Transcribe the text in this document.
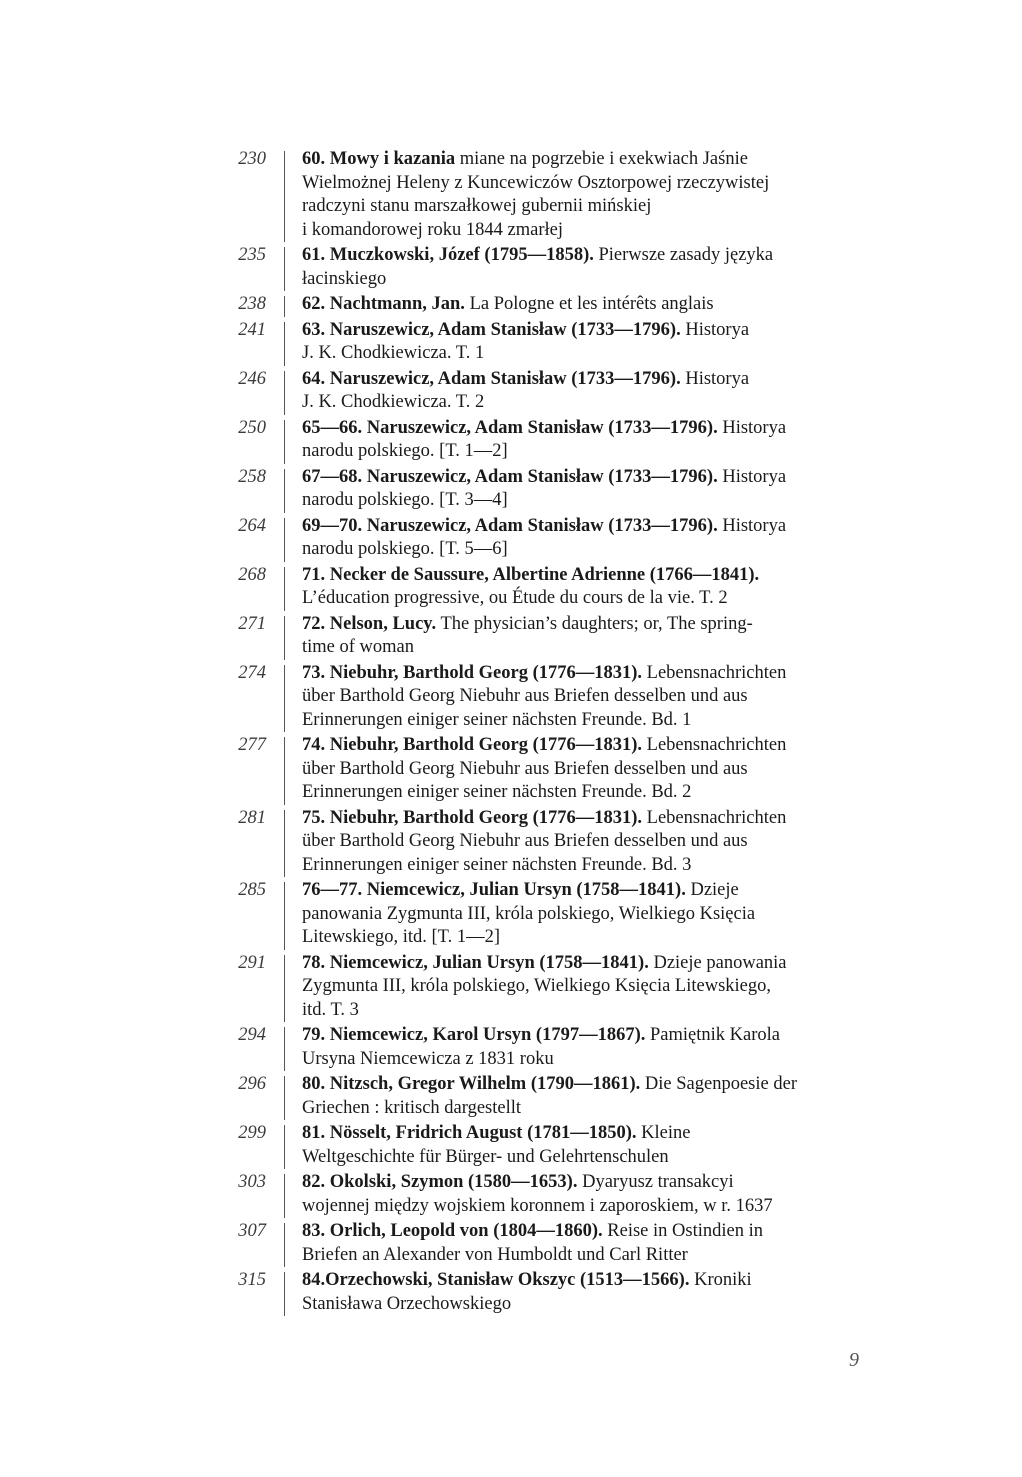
230 60. Mowy i kazania miane na pogrzebie i exekwiach Jaśnie
Wielmożnej Heleny z Kuncewiczów Osztorpowej rzeczywistej
radczyni stanu marszałkowej gubernii mińskiej
i komandorowej roku 1844 zmarłej
235 61. Muczkowski, Józef (1795—1858). Pierwsze zasady języka
łacinskiego
238 62. Nachtmann, Jan. La Pologne et les intérêts anglais
241 63. Naruszewicz, Adam Stanisław (1733—1796). Historya
J. K. Chodkiewicza. T. 1
246 64. Naruszewicz, Adam Stanisław (1733—1796). Historya
J. K. Chodkiewicza. T. 2
250 65—66. Naruszewicz, Adam Stanisław (1733—1796). Historya
narodu polskiego. [T. 1—2]
258 67—68. Naruszewicz, Adam Stanisław (1733—1796). Historya
narodu polskiego. [T. 3—4]
264 69—70. Naruszewicz, Adam Stanisław (1733—1796). Historya
narodu polskiego. [T. 5—6]
268 71. Necker de Saussure, Albertine Adrienne (1766—1841).
L’éducation progressive, ou Étude du cours de la vie. T. 2
271 72. Nelson, Lucy. The physician’s daughters; or, The spring-
time of woman
274 73. Niebuhr, Barthold Georg (1776—1831). Lebensnachrichten
über Barthold Georg Niebuhr aus Briefen desselben und aus
Erinnerungen einiger seiner nächsten Freunde. Bd. 1
277 74. Niebuhr, Barthold Georg (1776—1831). Lebensnachrichten
über Barthold Georg Niebuhr aus Briefen desselben und aus
Erinnerungen einiger seiner nächsten Freunde. Bd. 2
281 75. Niebuhr, Barthold Georg (1776—1831). Lebensnachrichten
über Barthold Georg Niebuhr aus Briefen desselben und aus
Erinnerungen einiger seiner nächsten Freunde. Bd. 3
285 76—77. Niemcewicz, Julian Ursyn (1758—1841). Dzieje
panowania Zygmunta III, króla polskiego, Wielkiego Księcia
Litewskiego, itd. [T. 1—2]
291 78. Niemcewicz, Julian Ursyn (1758—1841). Dzieje panowania
Zygmunta III, króla polskiego, Wielkiego Księcia Litewskiego,
itd. T. 3
294 79. Niemcewicz, Karol Ursyn (1797—1867). Pamiętnik Karola
Ursyna Niemcewicza z 1831 roku
296 80. Nitzsch, Gregor Wilhelm (1790—1861). Die Sagenpoesie der
Griechen : kritisch dargestellt
299 81. Nösselt, Fridrich August (1781—1850). Kleine
Weltgeschichte für Bürger- und Gelehrtenschulen
303 82. Okolski, Szymon (1580—1653). Dyaryusz transakcyi
wojennej między wojskiem koronnem i zaporoskiem, w r. 1637
307 83. Orlich, Leopold von (1804—1860). Reise in Ostindien in
Briefen an Alexander von Humboldt und Carl Ritter
315 84.Orzechowski, Stanisław Okszyc (1513—1566). Kroniki
Stanisława Orzechowskiego
9
